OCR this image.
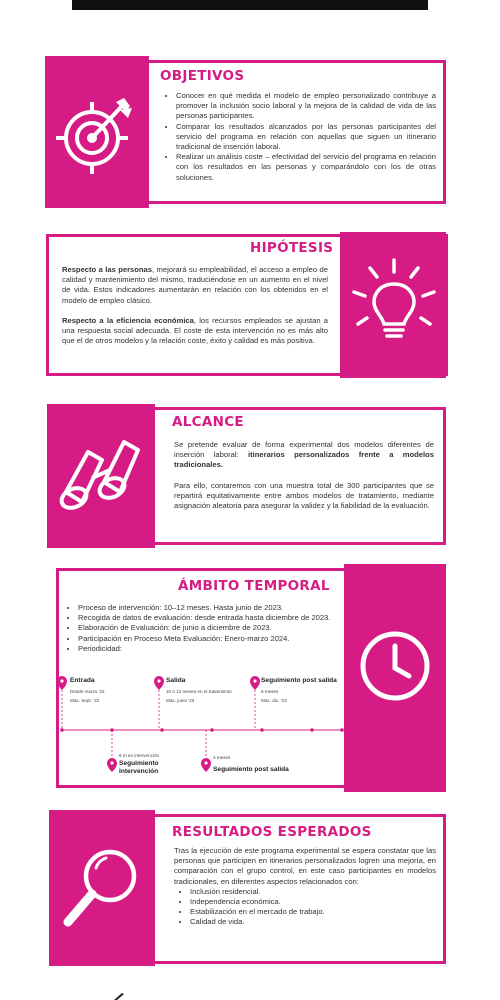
OBJETIVOS
• Conocer en qué medida el modelo de empleo personalizado contribuye a promover la inclusión socio laboral y la mejora de la calidad de vida de las personas participantes.
• Comparar los resultados alcanzados por las personas participantes del servicio del programa en relación con aquellas que siguen un itinerario tradicional de inserción laboral.
• Realizar un análisis coste – efectividad del servicio del programa en relación con los resultados en las personas y comparándolo con los de otras soluciones.
HIPÓTESIS

Respecto a las personas, mejorará su empleabilidad, el acceso a empleo de calidad y mantenimiento del mismo, traduciéndose en un aumento en el nivel de vida. Estos indicadores aumentarán en relación con los obtenidos en el modelo de empleo clásico.

Respecto a la eficiencia económica, los recursos empleados se ajustan a una respuesta social adecuada. El coste de esta intervención no es más alto que el de otros modelos y la relación coste, éxito y calidad es más positiva.

ALCANCE

Se pretende evaluar de forma experimental dos modelos diferentes de inserción laboral: itinerarios personalizados frente a modelos tradicionales.

Para ello, contaremos con una muestra total de 300 participantes que se repartirá equitativamente entre ambos modelos de tratamiento, mediante asignación aleatoria para asegurar la validez y la fiabilidad de la evaluación.

ÁMBITO TEMPORAL
• Proceso de intervención: 10–12 meses. Hasta junio de 2023.
• Recogida de datos de evaluación: desde entrada hasta diciembre de 2023.
• Elaboración de Evaluación: de junio a diciembre de 2023.
• Participación en Proceso Meta Evaluación: Enero-marzo 2024.
• Periodicidad:
Entrada
Desde marzo '22
Máx. Sept. '22
Salida
10 ó 12 meses en el tratamiento
Máx. junio '23
Seguimiento post salida
6 meses
Máx. dic. '23
6 m en intervención
Seguimiento
Intervención
3 meses
Seguimiento post salida
RESULTADOS ESPERADOS

Tras la ejecución de este programa experimental se espera constatar que las personas que participen en itinerarios personalizados logren una mejoría, en comparación con el grupo control, en este caso participantes en modelos tradicionales, en diferentes aspectos relacionados con:

• Inclusión residencial.
• Independencia económica.
• Estabilización en el mercado de trabajo.
• Calidad de vida.
